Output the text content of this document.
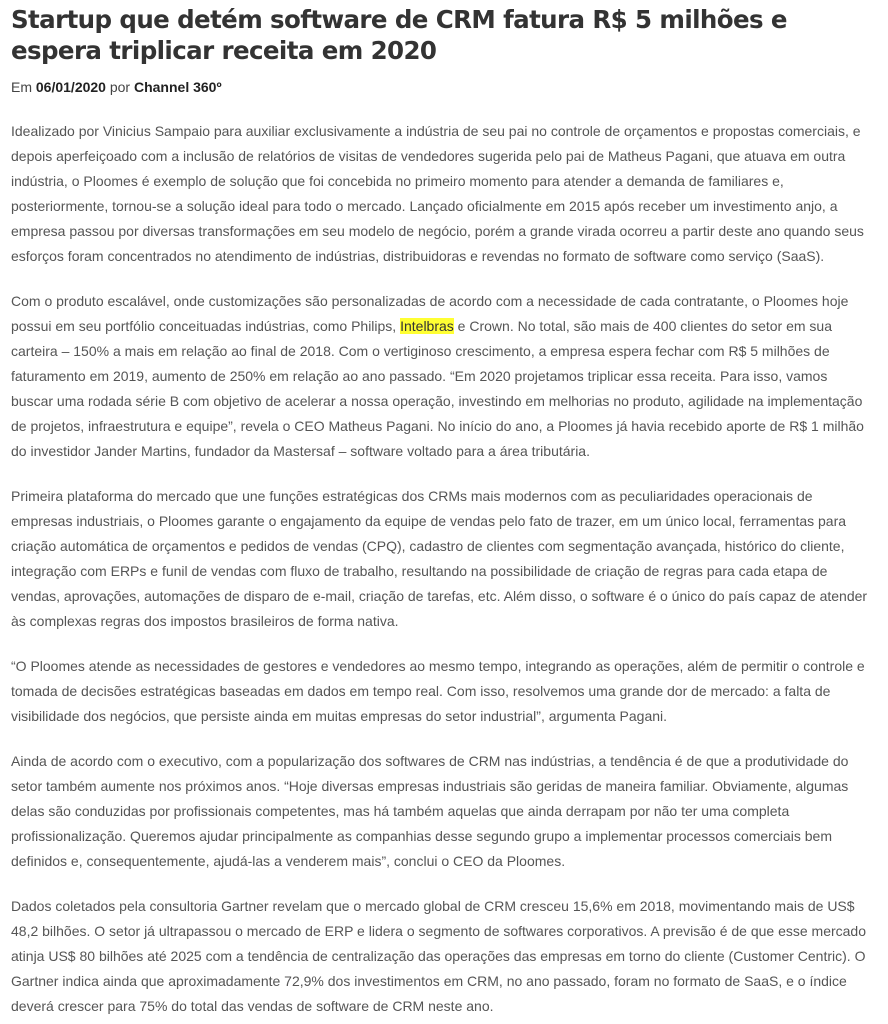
Startup que detém software de CRM fatura R$ 5 milhões e espera triplicar receita em 2020
Em 06/01/2020 por Channel 360º

Idealizado por Vinicius Sampaio para auxiliar exclusivamente a indústria de seu pai no controle de orçamentos e propostas comerciais, e depois aperfeiçoado com a inclusão de relatórios de visitas de vendedores sugerida pelo pai de Matheus Pagani, que atuava em outra indústria, o Ploomes é exemplo de solução que foi concebida no primeiro momento para atender a demanda de familiares e, posteriormente, tornou-se a solução ideal para todo o mercado. Lançado oficialmente em 2015 após receber um investimento anjo, a empresa passou por diversas transformações em seu modelo de negócio, porém a grande virada ocorreu a partir deste ano quando seus esforços foram concentrados no atendimento de indústrias, distribuidoras e revendas no formato de software como serviço (SaaS).

Com o produto escalável, onde customizações são personalizadas de acordo com a necessidade de cada contratante, o Ploomes hoje possui em seu portfólio conceituadas indústrias, como Philips, Intelbras e Crown. No total, são mais de 400 clientes do setor em sua carteira – 150% a mais em relação ao final de 2018. Com o vertiginoso crescimento, a empresa espera fechar com R$ 5 milhões de faturamento em 2019, aumento de 250% em relação ao ano passado. “Em 2020 projetamos triplicar essa receita. Para isso, vamos buscar uma rodada série B com objetivo de acelerar a nossa operação, investindo em melhorias no produto, agilidade na implementação de projetos, infraestrutura e equipe”, revela o CEO Matheus Pagani. No início do ano, a Ploomes já havia recebido aporte de R$ 1 milhão do investidor Jander Martins, fundador da Mastersaf – software voltado para a área tributária.

Primeira plataforma do mercado que une funções estratégicas dos CRMs mais modernos com as peculiaridades operacionais de empresas industriais, o Ploomes garante o engajamento da equipe de vendas pelo fato de trazer, em um único local, ferramentas para criação automática de orçamentos e pedidos de vendas (CPQ), cadastro de clientes com segmentação avançada, histórico do cliente, integração com ERPs e funil de vendas com fluxo de trabalho, resultando na possibilidade de criação de regras para cada etapa de vendas, aprovações, automações de disparo de e-mail, criação de tarefas, etc. Além disso, o software é o único do país capaz de atender às complexas regras dos impostos brasileiros de forma nativa.

“O Ploomes atende as necessidades de gestores e vendedores ao mesmo tempo, integrando as operações, além de permitir o controle e tomada de decisões estratégicas baseadas em dados em tempo real. Com isso, resolvemos uma grande dor de mercado: a falta de visibilidade dos negócios, que persiste ainda em muitas empresas do setor industrial”, argumenta Pagani.

Ainda de acordo com o executivo, com a popularização dos softwares de CRM nas indústrias, a tendência é de que a produtividade do setor também aumente nos próximos anos. “Hoje diversas empresas industriais são geridas de maneira familiar. Obviamente, algumas delas são conduzidas por profissionais competentes, mas há também aquelas que ainda derrapam por não ter uma completa profissionalização. Queremos ajudar principalmente as companhias desse segundo grupo a implementar processos comerciais bem definidos e, consequentemente, ajudá-las a venderem mais”, conclui o CEO da Ploomes.

Dados coletados pela consultoria Gartner revelam que o mercado global de CRM cresceu 15,6% em 2018, movimentando mais de US$ 48,2 bilhões. O setor já ultrapassou o mercado de ERP e lidera o segmento de softwares corporativos. A previsão é de que esse mercado atinja US$ 80 bilhões até 2025 com a tendência de centralização das operações das empresas em torno do cliente (Customer Centric). O Gartner indica ainda que aproximadamente 72,9% dos investimentos em CRM, no ano passado, foram no formato de SaaS, e o índice deverá crescer para 75% do total das vendas de software de CRM neste ano.
